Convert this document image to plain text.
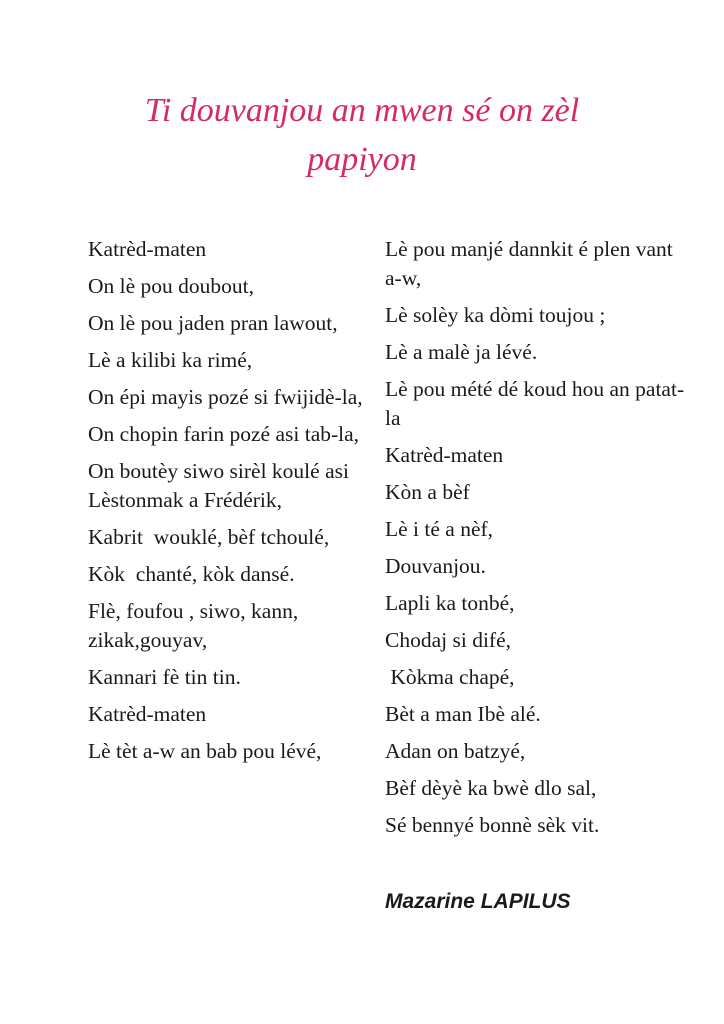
Ti douvanjou an mwen sé on zèl papiyon

Katrèd-maten

On lè pou doubout,

On lè pou jaden pran lawout,

Lè a kilibi ka rimé,

On épi mayis pozé si fwijidè-la,

On chopin farin pozé asi tab-la,

On boutèy siwo sirèl koulé asi Lèstonmak a Frédérik,

Kabrit  wouklé, bèf tchoulé,

Kòk  chanté, kòk dansé.

Flè, foufou , siwo, kann, zikak,gouyav,

Kannari fè tin tin.

Katrèd-maten

Lè tèt a-w an bab pou lévé,

Lè pou manjé dannkit é plen vant a-w,

Lè solèy ka dòmi toujou ;

Lè a malè ja lévé.

Lè pou mété dé koud hou an patat-la

Katrèd-maten

Kòn a bèf

Lè i té a nèf,

Douvanjou.

Lapli ka tonbé,

Chodaj si difé,

Kòkma chapé,

Bèt a man Ibè alé.

Adan on batzyé,

Bèf dèyè ka bwè dlo sal,

Sé bennyé bonnè sèk vit.

Mazarine LAPILUS
